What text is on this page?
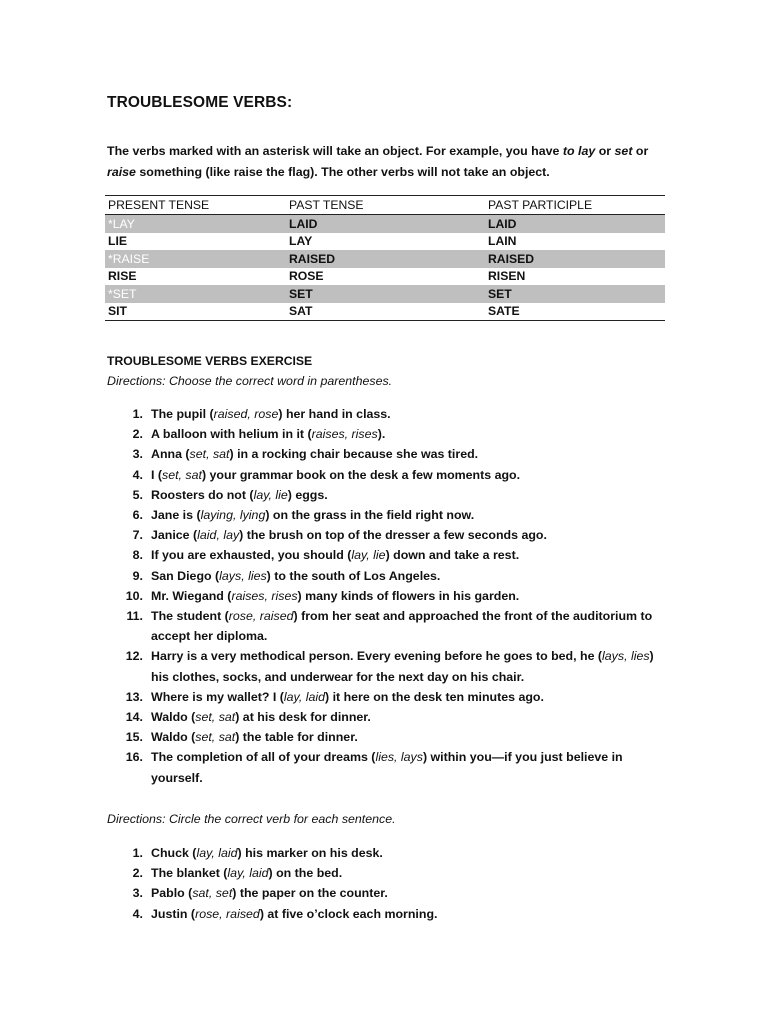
TROUBLESOME VERBS:

The verbs marked with an asterisk will take an object. For example, you have to lay or set or raise something (like raise the flag). The other verbs will not take an object.

PRESENT TENSE	PAST TENSE	PAST PARTICIPLE
*LAY	LAID	LAID
LIE	LAY	LAIN
*RAISE	RAISED	RAISED
RISE	ROSE	RISEN
*SET	SET	SET
SIT	SAT	SATE

TROUBLESOME VERBS EXERCISE

Directions: Choose the correct word in parentheses.

1. The pupil (raised, rose) her hand in class.
2. A balloon with helium in it (raises, rises).
3. Anna (set, sat) in a rocking chair because she was tired.
4. I (set, sat) your grammar book on the desk a few moments ago.
5. Roosters do not (lay, lie) eggs.
6. Jane is (laying, lying) on the grass in the field right now.
7. Janice (laid, lay) the brush on top of the dresser a few seconds ago.
8. If you are exhausted, you should (lay, lie) down and take a rest.
9. San Diego (lays, lies) to the south of Los Angeles.
10. Mr. Wiegand (raises, rises) many kinds of flowers in his garden.
11. The student (rose, raised) from her seat and approached the front of the auditorium to accept her diploma.
12. Harry is a very methodical person. Every evening before he goes to bed, he (lays, lies) his clothes, socks, and underwear for the next day on his chair.
13. Where is my wallet? I (lay, laid) it here on the desk ten minutes ago.
14. Waldo (set, sat) at his desk for dinner.
15. Waldo (set, sat) the table for dinner.
16. The completion of all of your dreams (lies, lays) within you—if you just believe in yourself.

Directions: Circle the correct verb for each sentence.

1. Chuck (lay, laid) his marker on his desk.
2. The blanket (lay, laid) on the bed.
3. Pablo (sat, set) the paper on the counter.
4. Justin (rose, raised) at five o’clock each morning.
